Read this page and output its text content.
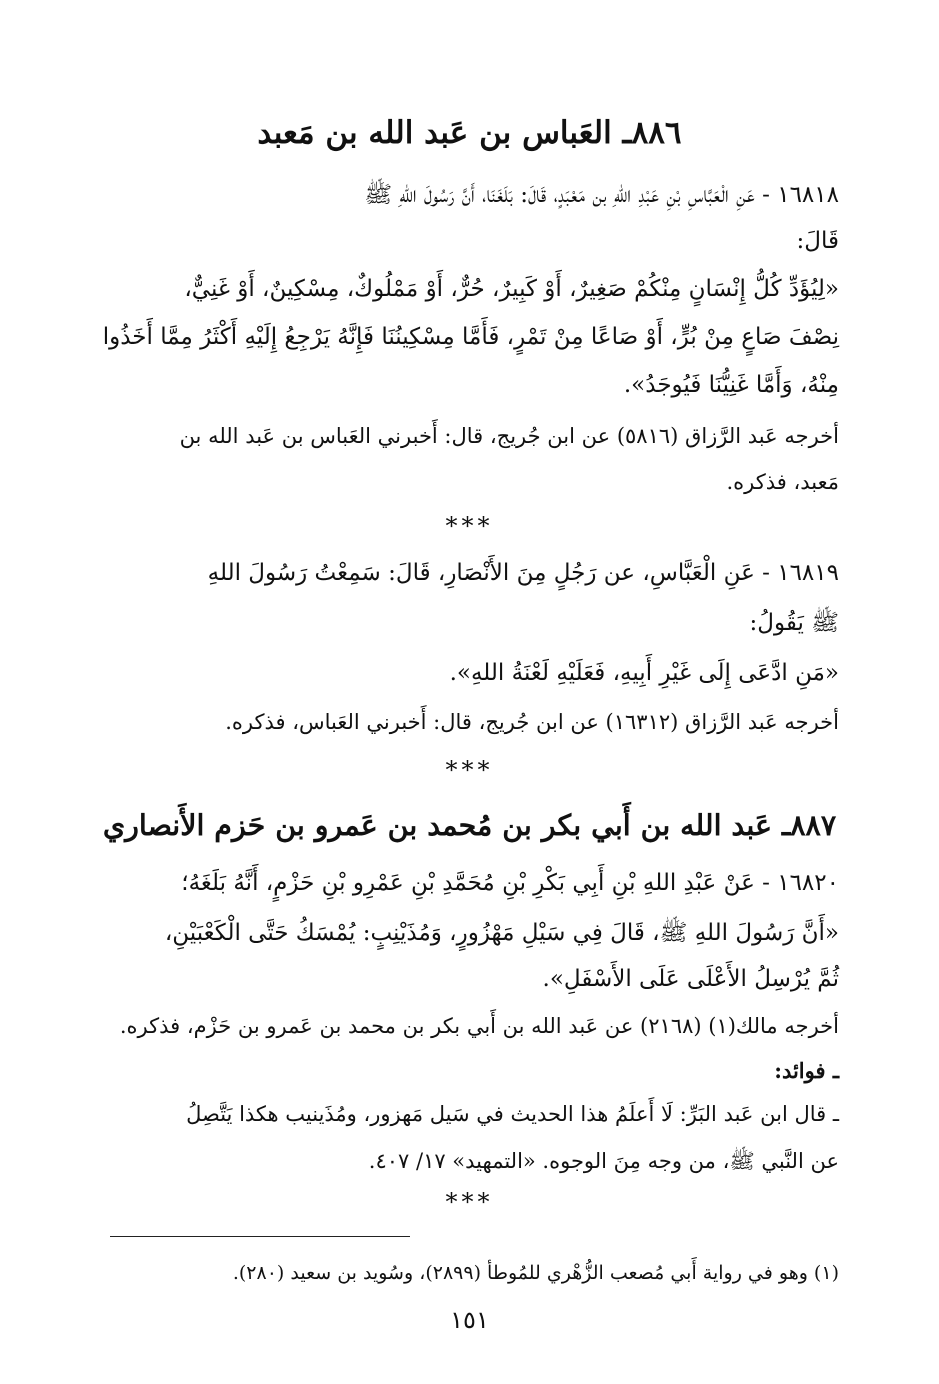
٨٨٦ـ العَباس بن عَبد الله بن مَعبد
١٦٨١٨ - عَنِ الْعَبَّاسِ بْنِ عَبْدِ اللهِ بن مَعْبَدٍ، قَالَ: بَلَغَنَا، أَنَّ رَسُولَ اللهِ ﷺ
قَالَ:
«لِيُؤَدِّ كُلُّ إِنْسَانٍ مِنْكُمْ صَغِيرٌ، أَوْ كَبِيرٌ، حُرٌّ، أَوْ مَمْلُوكٌ، مِسْكِينٌ، أَوْ غَنِيٌّ،
نِصْفَ صَاعٍ مِنْ بُرٍّ، أَوْ صَاعًا مِنْ تَمْرٍ، فَأَمَّا مِسْكِينُنَا فَإِنَّهُ يَرْجِعُ إِلَيْهِ أَكْثَرُ مِمَّا أَخَذُوا
مِنْهُ، وَأَمَّا غَنِيُّنَا فَيُوجَدُ».
أخرجه عَبد الرَّزاق (٥٨١٦) عن ابن جُريج، قال: أَخبرني العَباس بن عَبد الله بن
مَعبد، فذكره.
***
١٦٨١٩ - عَنِ الْعَبَّاسِ، عن رَجُلٍ مِنَ الأَنْصَارِ، قَالَ: سَمِعْتُ رَسُولَ اللهِ
ﷺ يَقُولُ:
«مَنِ ادَّعَى إِلَى غَيْرِ أَبِيهِ، فَعَلَيْهِ لَعْنَةُ اللهِ».
أخرجه عَبد الرَّزاق (١٦٣١٢) عن ابن جُريج، قال: أَخبرني العَباس، فذكره.
***
٨٨٧ـ عَبد الله بن أَبي بكر بن مُحمد بن عَمرو بن حَزم الأَنصاري
١٦٨٢٠ - عَنْ عَبْدِ اللهِ بْنِ أَبِي بَكْرِ بْنِ مُحَمَّدِ بْنِ عَمْرِو بْنِ حَزْمٍ، أَنَّهُ بَلَغَهُ؛
«أَنَّ رَسُولَ اللهِ ﷺ، قَالَ فِي سَيْلِ مَهْزُورٍ، وَمُذَيْنِبٍ: يُمْسَكُ حَتَّى الْكَعْبَيْنِ،
ثُمَّ يُرْسِلُ الأَعْلَى عَلَى الأَسْفَلِ».
أخرجه مالك(١) (٢١٦٨) عن عَبد الله بن أَبي بكر بن محمد بن عَمرو بن حَزْم، فذكره.
ـ فوائد:
ـ قال ابن عَبد البَرِّ: لَا أَعلَمُ هذا الحديث في سَيل مَهزور، ومُذَينيب هكذا يَتَّصِلُ
عن النَّبي ﷺ، من وجه مِنَ الوجوه. «التمهيد» ١٧/ ٤٠٧.
***
(١) وهو في رواية أَبي مُصعب الزُّهْري للمُوطأ (٢٨٩٩)، وسُويد بن سعيد (٢٨٠).
١٥١
